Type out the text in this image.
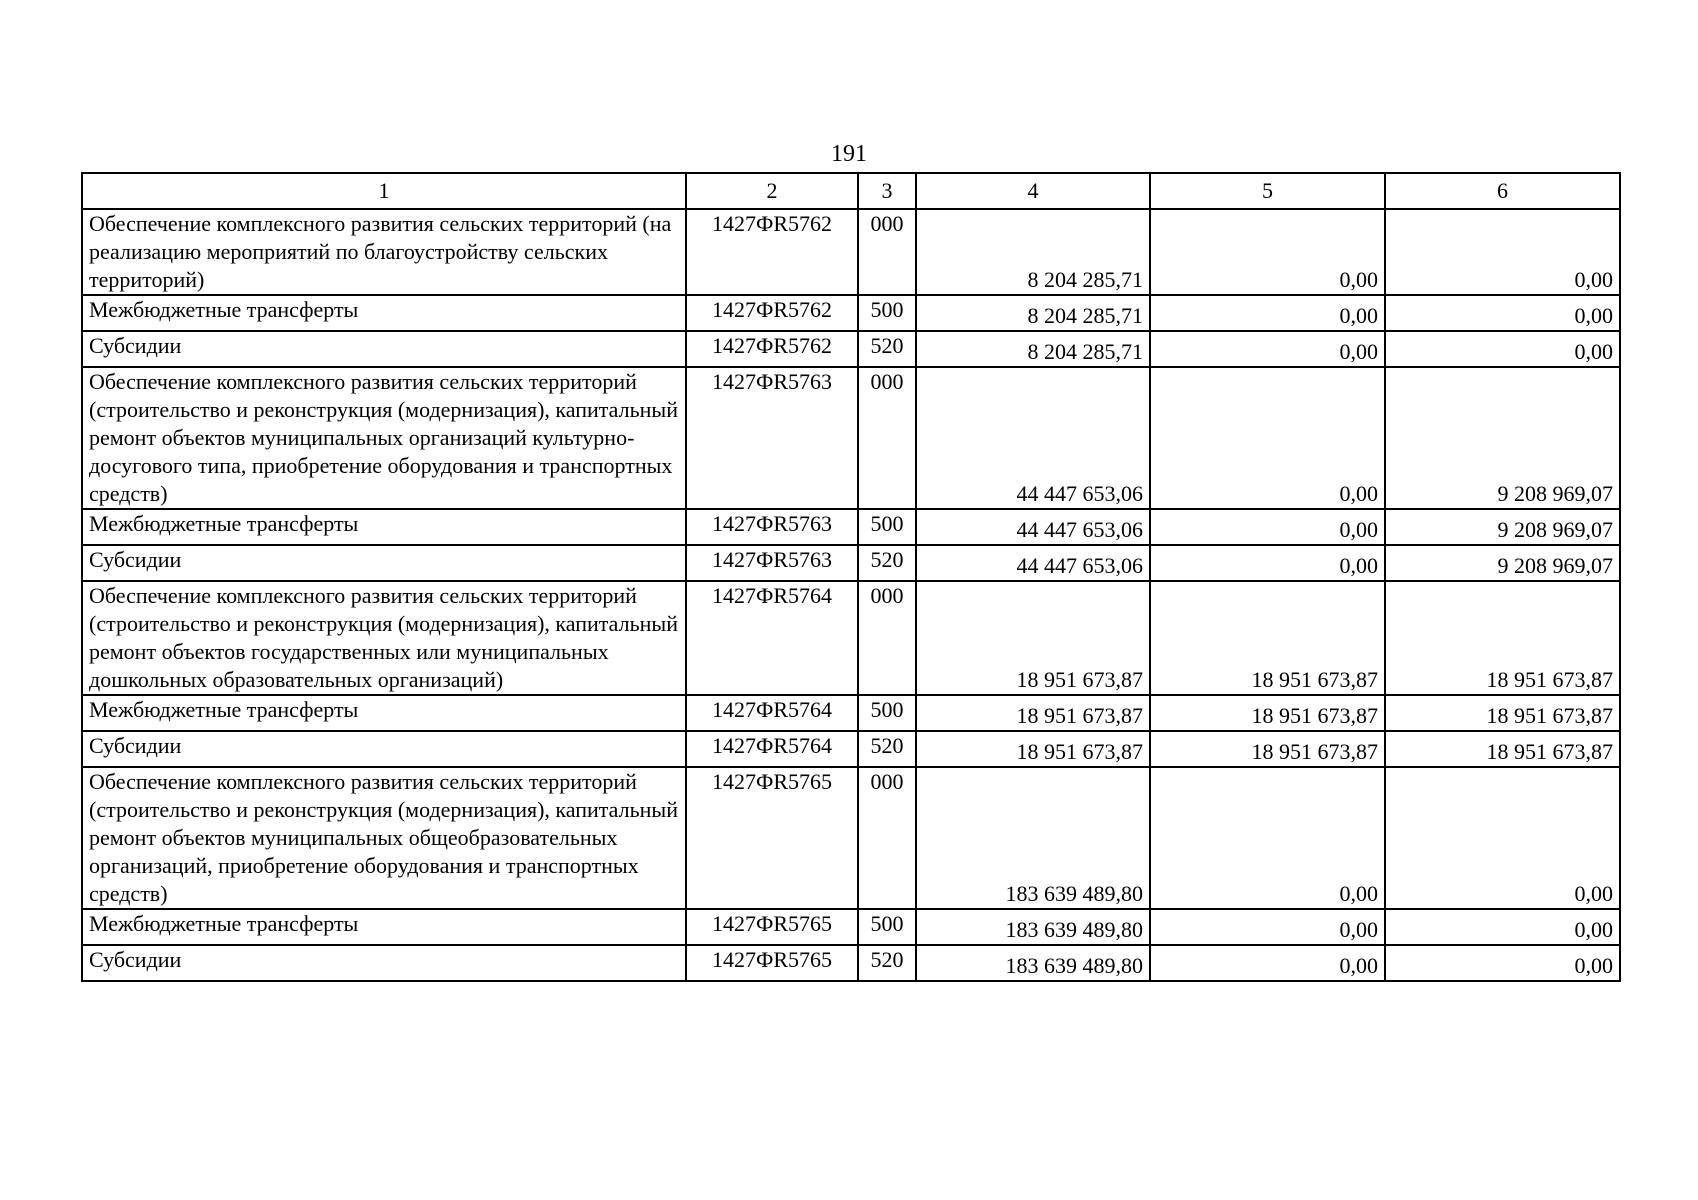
191
1	2	3	4	5	6
Обеспечение комплексного развития сельских территорий (на реализацию мероприятий по благоустройству сельских территорий)	1427ФR5762	000	8 204 285,71	0,00	0,00
Межбюджетные трансферты	1427ФR5762	500	8 204 285,71	0,00	0,00
Субсидии	1427ФR5762	520	8 204 285,71	0,00	0,00
Обеспечение комплексного развития сельских территорий (строительство и реконструкция (модернизация), капитальный ремонт объектов муниципальных организаций культурно-досугового типа, приобретение оборудования и транспортных средств)	1427ФR5763	000	44 447 653,06	0,00	9 208 969,07
Межбюджетные трансферты	1427ФR5763	500	44 447 653,06	0,00	9 208 969,07
Субсидии	1427ФR5763	520	44 447 653,06	0,00	9 208 969,07
Обеспечение комплексного развития сельских территорий (строительство и реконструкция (модернизация), капитальный ремонт объектов государственных или муниципальных дошкольных образовательных организаций)	1427ФR5764	000	18 951 673,87	18 951 673,87	18 951 673,87
Межбюджетные трансферты	1427ФR5764	500	18 951 673,87	18 951 673,87	18 951 673,87
Субсидии	1427ФR5764	520	18 951 673,87	18 951 673,87	18 951 673,87
Обеспечение комплексного развития сельских территорий (строительство и реконструкция (модернизация), капитальный ремонт объектов муниципальных общеобразовательных организаций, приобретение оборудования и транспортных средств)	1427ФR5765	000	183 639 489,80	0,00	0,00
Межбюджетные трансферты	1427ФR5765	500	183 639 489,80	0,00	0,00
Субсидии	1427ФR5765	520	183 639 489,80	0,00	0,00
